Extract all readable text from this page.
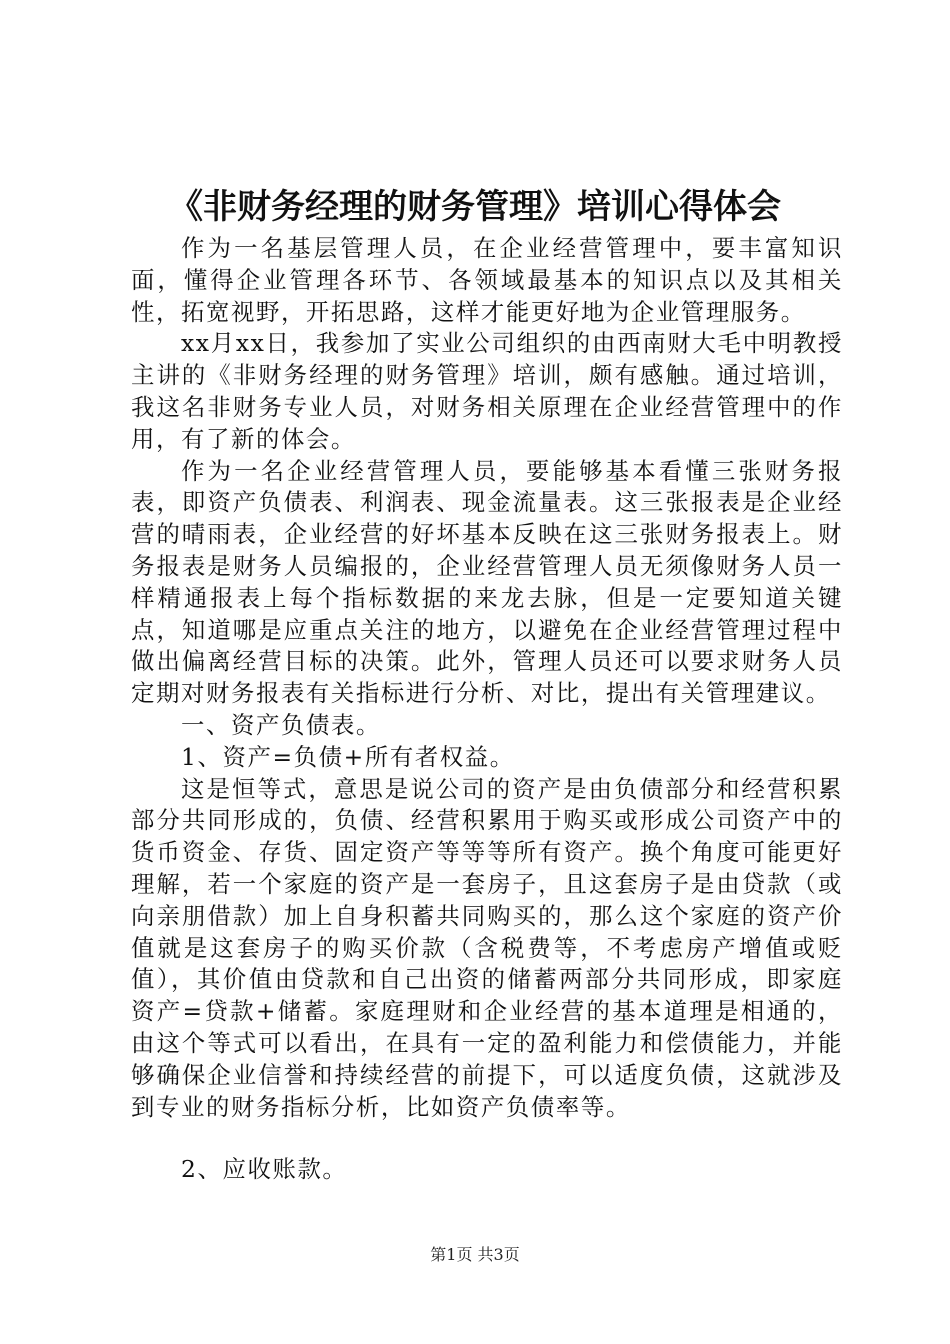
《非财务经理的财务管理》培训心得体会

作为一名基层管理人员，在企业经营管理中，要丰富知识面，懂得企业管理各环节、各领域最基本的知识点以及其相关性，拓宽视野，开拓思路，这样才能更好地为企业管理服务。

xx月xx日，我参加了实业公司组织的由西南财大毛中明教授主讲的《非财务经理的财务管理》培训，颇有感触。通过培训，我这名非财务专业人员，对财务相关原理在企业经营管理中的作用，有了新的体会。

作为一名企业经营管理人员，要能够基本看懂三张财务报表，即资产负债表、利润表、现金流量表。这三张报表是企业经营的晴雨表，企业经营的好坏基本反映在这三张财务报表上。财务报表是财务人员编报的，企业经营管理人员无须像财务人员一样精通报表上每个指标数据的来龙去脉，但是一定要知道关键点，知道哪是应重点关注的地方，以避免在企业经营管理过程中做出偏离经营目标的决策。此外，管理人员还可以要求财务人员定期对财务报表有关指标进行分析、对比，提出有关管理建议。

一、资产负债表。

1、资产=负债+所有者权益。

这是恒等式，意思是说公司的资产是由负债部分和经营积累部分共同形成的，负债、经营积累用于购买或形成公司资产中的货币资金、存货、固定资产等等等所有资产。换个角度可能更好理解，若一个家庭的资产是一套房子，且这套房子是由贷款（或向亲朋借款）加上自身积蓄共同购买的，那么这个家庭的资产价值就是这套房子的购买价款（含税费等，不考虑房产增值或贬值），其价值由贷款和自己出资的储蓄两部分共同形成，即家庭资产=贷款+储蓄。家庭理财和企业经营的基本道理是相通的，由这个等式可以看出，在具有一定的盈利能力和偿债能力，并能够确保企业信誉和持续经营的前提下，可以适度负债，这就涉及到专业的财务指标分析，比如资产负债率等。

2、应收账款。

第1页 共3页
